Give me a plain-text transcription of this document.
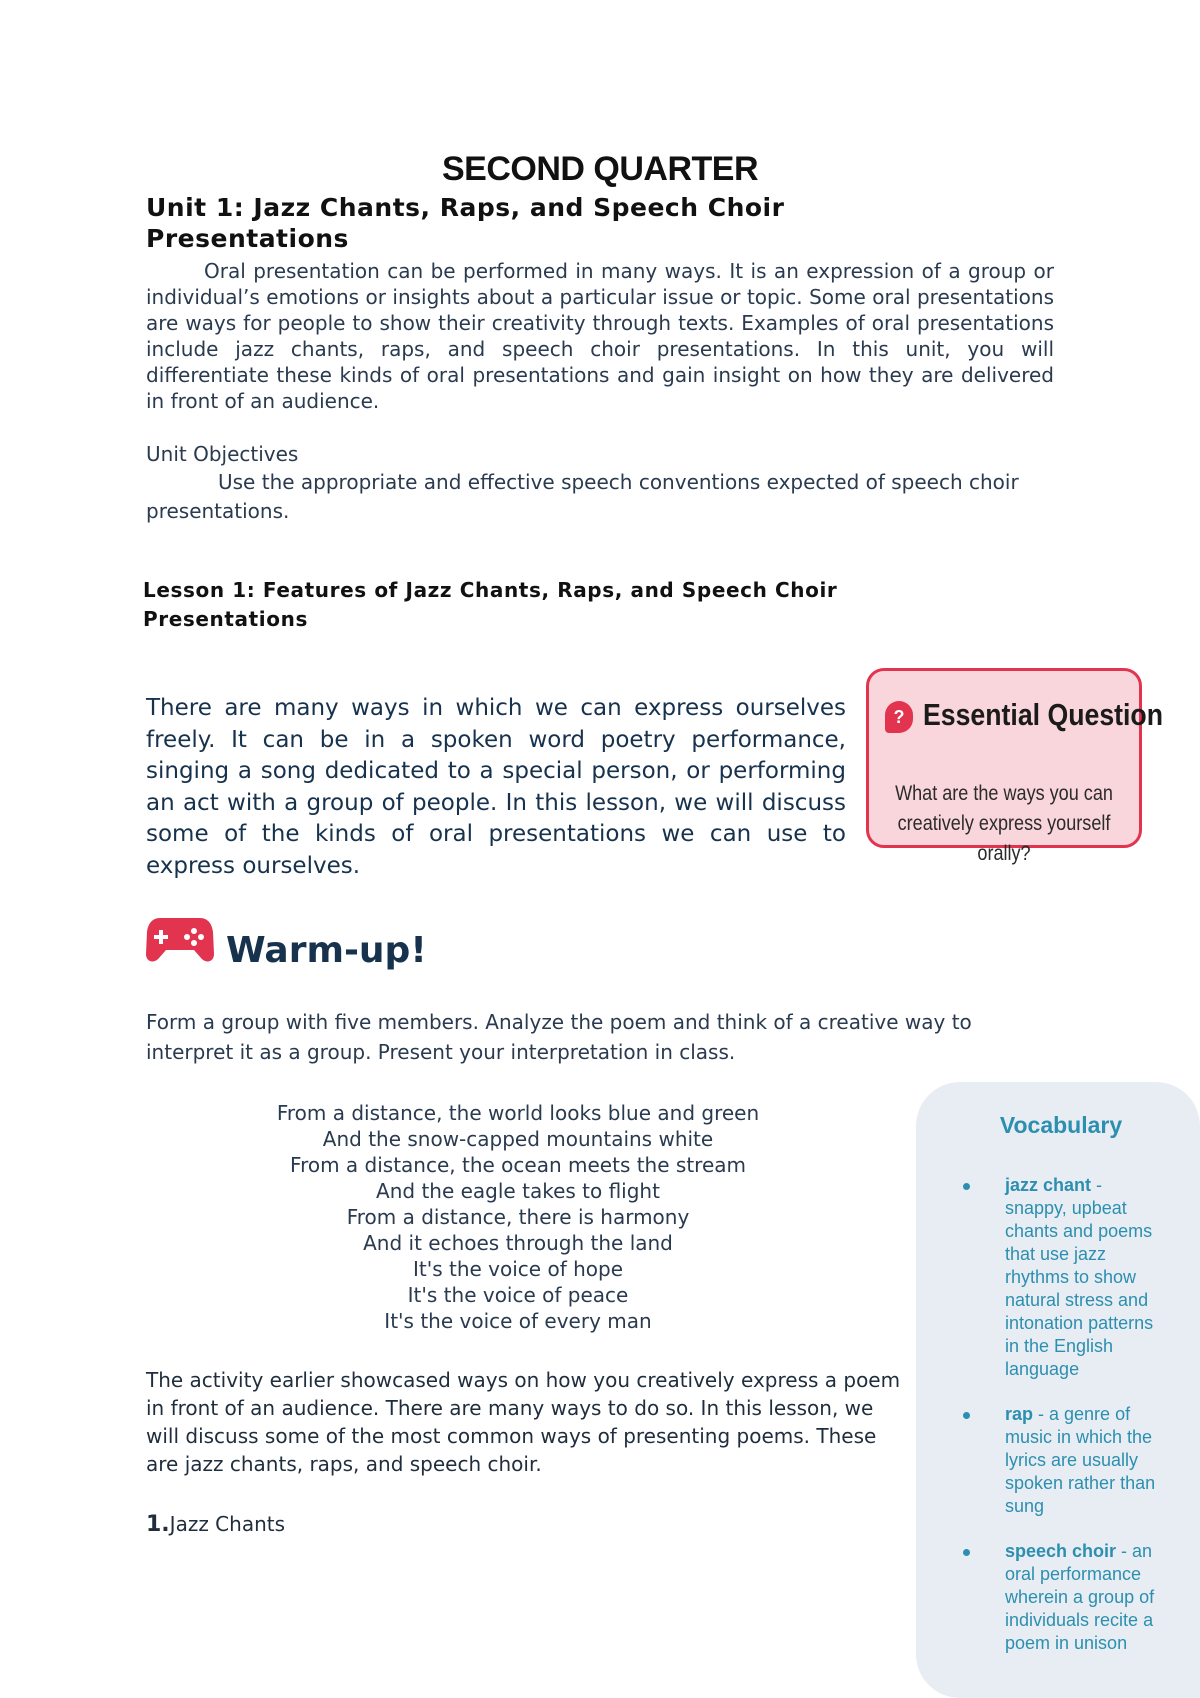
SECOND QUARTER
Unit 1: Jazz Chants, Raps, and Speech Choir
Presentations

Oral presentation can be performed in many ways. It is an expression of a group or individual’s emotions or insights about a particular issue or topic. Some oral presentations are ways for people to show their creativity through texts. Examples of oral presentations include jazz chants, raps, and speech choir presentations. In this unit, you will differentiate these kinds of oral presentations and gain insight on how they are delivered in front of an audience.

Unit Objectives

Use the appropriate and effective speech conventions expected of speech choir presentations.

Lesson 1: Features of Jazz Chants, Raps, and Speech Choir
Presentations

There are many ways in which we can express ourselves freely. It can be in a spoken word poetry performance, singing a song dedicated to a special person, or performing an act with a group of people. In this lesson, we will discuss some of the kinds of oral presentations we can use to express ourselves.

? Essential Question
What are the ways you can creatively express yourself orally?
Warm-up!

Form a group with five members. Analyze the poem and think of a creative way to interpret it as a group. Present your interpretation in class.

From a distance, the world looks blue and green
And the snow-capped mountains white
From a distance, the ocean meets the stream
And the eagle takes to flight
From a distance, there is harmony
And it echoes through the land
It's the voice of hope
It's the voice of peace
It's the voice of every man

The activity earlier showcased ways on how you creatively express a poem in front of an audience. There are many ways to do so. In this lesson, we will discuss some of the most common ways of presenting poems. These are jazz chants, raps, and speech choir.

1.Jazz Chants
Vocabulary
jazz chant - snappy, upbeat chants and poems that use jazz rhythms to show natural stress and intonation patterns in the English language
rap - a genre of music in which the lyrics are usually spoken rather than sung
speech choir - an oral performance wherein a group of individuals recite a poem in unison
